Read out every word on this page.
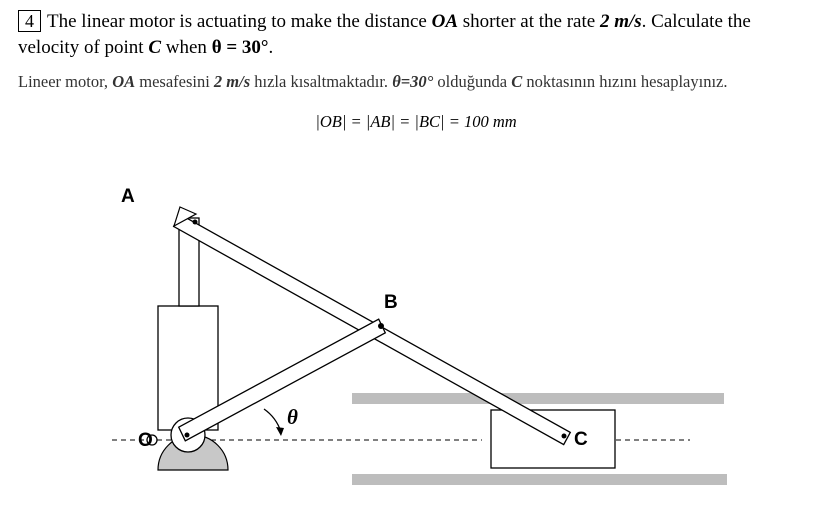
4 The linear motor is actuating to make the distance OA shorter at the rate 2 m/s. Calculate the
velocity of point C when θ = 30°.
Lineer motor, OA mesafesini 2 m/s hızla kısaltmaktadır. θ=30° olduğunda C noktasının hızını hesaplayınız.
|OB| = |AB| = |BC| = 100 mm
A
B
C
O
θ
